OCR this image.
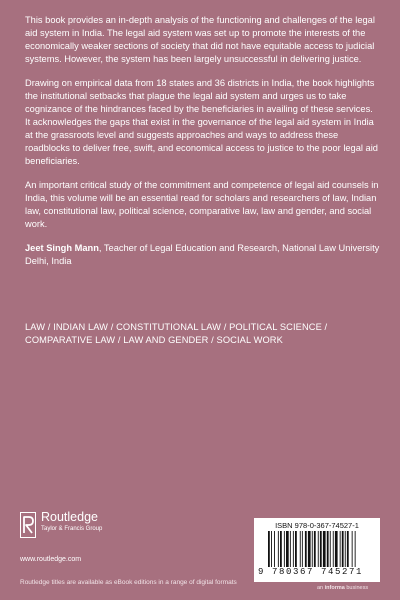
This book provides an in-depth analysis of the functioning and challenges of the legal aid system in India. The legal aid system was set up to promote the interests of the economically weaker sections of society that did not have equitable access to judicial systems. However, the system has been largely unsuccessful in delivering justice.

Drawing on empirical data from 18 states and 36 districts in India, the book highlights the institutional setbacks that plague the legal aid system and urges us to take cognizance of the hindrances faced by the beneficiaries in availing of these services. It acknowledges the gaps that exist in the governance of the legal aid system in India at the grassroots level and suggests approaches and ways to address these roadblocks to deliver free, swift, and economical access to justice to the poor legal aid beneficiaries.

An important critical study of the commitment and competence of legal aid counsels in India, this volume will be an essential read for scholars and researchers of law, Indian law, constitutional law, political science, comparative law, law and gender, and social work.

Jeet Singh Mann, Teacher of Legal Education and Research, National Law University Delhi, India

LAW / INDIAN LAW / CONSTITUTIONAL LAW / POLITICAL SCIENCE / COMPARATIVE LAW / LAW AND GENDER / SOCIAL WORK
Routledge
Taylor & Francis Group
www.routledge.com
Routledge titles are available as eBook editions in a range of digital formats
ISBN 978-0-367-74527-1
9 780367 745271
an informa business
